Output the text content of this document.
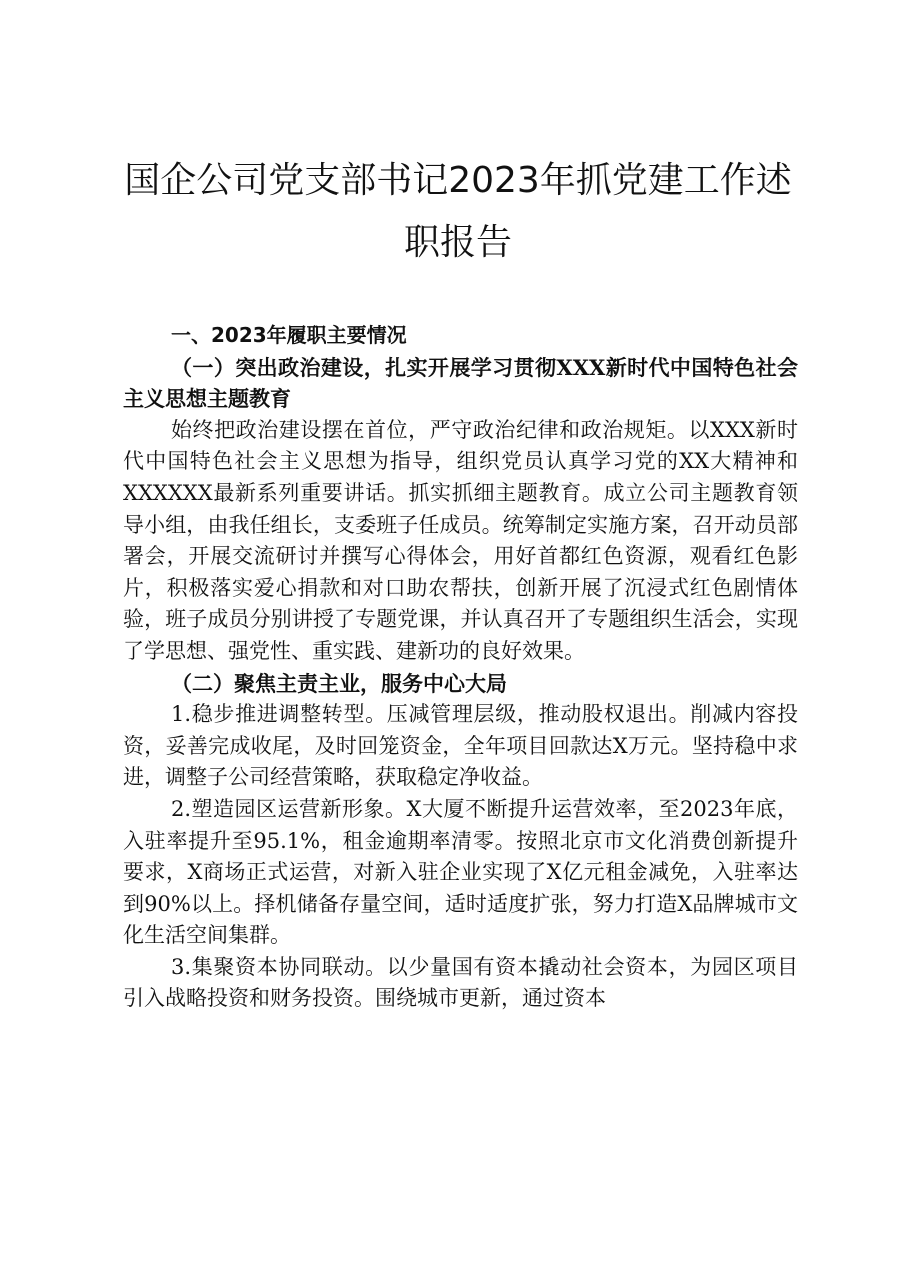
国企公司党支部书记2023年抓党建工作述职报告

一、2023年履职主要情况

（一）突出政治建设，扎实开展学习贯彻XXX新时代中国特色社会主义思想主题教育

始终把政治建设摆在首位，严守政治纪律和政治规矩。以XXX新时代中国特色社会主义思想为指导，组织党员认真学习党的XX大精神和XXXXXX最新系列重要讲话。抓实抓细主题教育。成立公司主题教育领导小组，由我任组长，支委班子任成员。统筹制定实施方案，召开动员部署会，开展交流研讨并撰写心得体会，用好首都红色资源，观看红色影片，积极落实爱心捐款和对口助农帮扶，创新开展了沉浸式红色剧情体验，班子成员分别讲授了专题党课，并认真召开了专题组织生活会，实现了学思想、强党性、重实践、建新功的良好效果。

（二）聚焦主责主业，服务中心大局

1.稳步推进调整转型。压减管理层级，推动股权退出。削减内容投资，妥善完成收尾，及时回笼资金，全年项目回款达X万元。坚持稳中求进，调整子公司经营策略，获取稳定净收益。

2.塑造园区运营新形象。X大厦不断提升运营效率，至2023年底，入驻率提升至95.1%，租金逾期率清零。按照北京市文化消费创新提升要求，X商场正式运营，对新入驻企业实现了X亿元租金减免，入驻率达到90%以上。择机储备存量空间，适时适度扩张，努力打造X品牌城市文化生活空间集群。

3.集聚资本协同联动。以少量国有资本撬动社会资本，为园区项目引入战略投资和财务投资。围绕城市更新，通过资本
